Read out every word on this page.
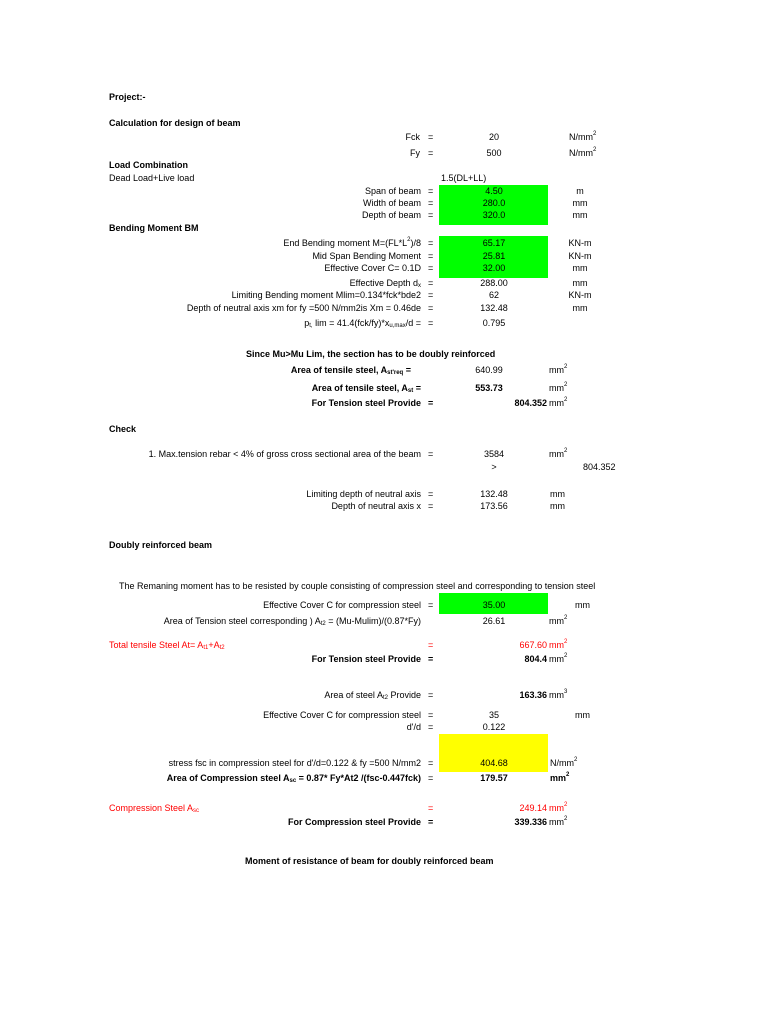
Project:-
Calculation for design of beam
Fck =	20	$N/mm^2$
Fy =	500	$N/mm^2$
Load Combination
Dead Load+Live load	1.5(DL+LL)
Span of beam =	4.50	m
Width of beam =	280.0	mm
Depth of beam =	320.0	mm
Bending Moment BM
End Bending moment $M=(FL*L^2)/8$ =	65.17	KN-m
Mid Span Bending Moment =	25.81	KN-m
Effective Cover C= 0.1D =	32.00	mm
Effective Depth dx =	288.00	mm
Limiting Bending moment Mlim=0.134*fck*bde2 =	62	KN-m
Depth of neutral axis xm for fy =500 N/mm2is Xm = 0.46de =	132.48	mm
pt, lim = 41.4(fck/fy)*xu,max/d = =	0.795
Since Mu>Mu Lim, the section has to be doubly reinforced
Area of tensile steel, Ast'req =	640.99	$mm^2$
Area of tensile steel, Ast =	553.73	$mm^2$
For Tension steel Provide =	804.352 $mm^2$
Check
1. Max.tension rebar < 4% of gross cross sectional area of the beam =	3584	$mm^2$
>	804.352
Limiting depth of neutral axis =	132.48	mm
Depth of neutral axis x =	173.56	mm
Doubly reinforced beam
The Remaning moment has to be resisted by couple consisting of compression steel and corresponding to tension steel
Effective Cover C for compression steel =	35.00	mm
Area of Tension steel corresponding ) At2 = (Mu-Mulim)/(0.87*Fy)	26.61	$mm^2$
Total tensile Steel At= At1+At2	=	667.60 $mm^2$
For Tension steel Provide =	804.4 $mm^2$
Area of steel At2 Provide =	163.36 $mm^3$
Effective Cover C for compression steel =	35	mm
d'/d =	0.122
stress fsc in compression steel for d'/d=0.122 & fy =500 N/mm2 =	404.68	$N/mm^2$
Area of Compression steel Asc = 0.87* Fy*At2 /(fsc-0.447fck) =	179.57	$mm^2$
Compression Steel Asc	=	249.14 $mm^2$
For Compression steel Provide =	339.336 $mm^2$
Moment of resistance of beam for doubly reinforced beam
